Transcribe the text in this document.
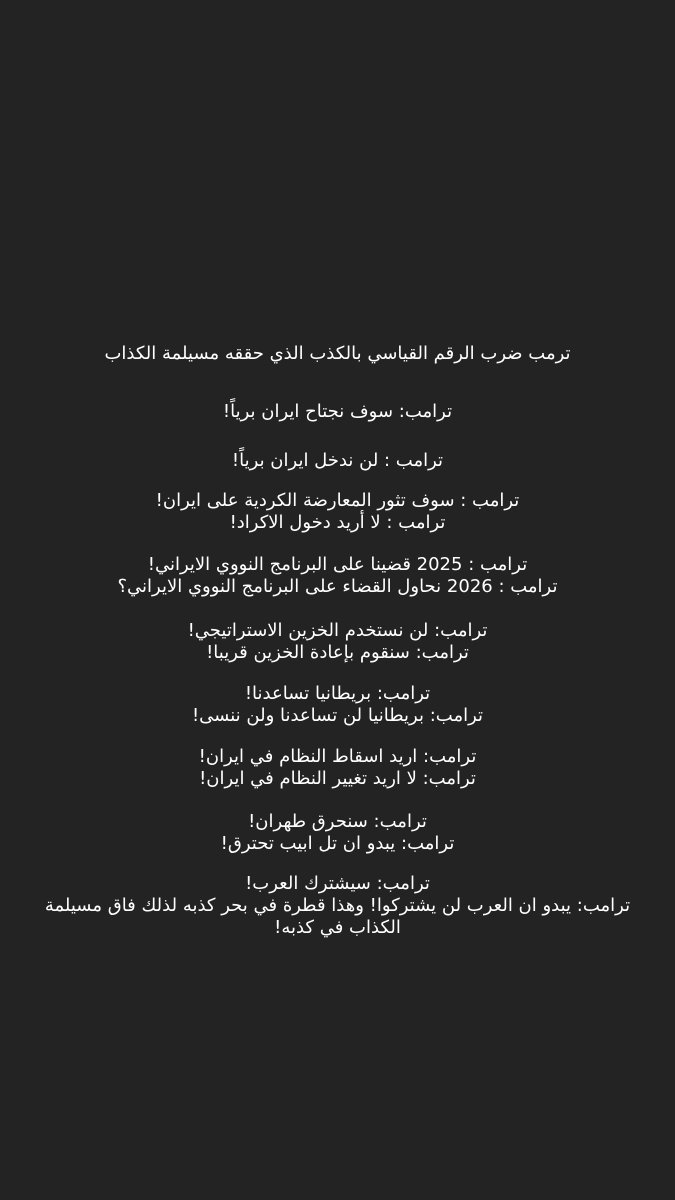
ترمب ضرب الرقم القياسي بالكذب الذي حققه مسيلمة الكذاب
ترامب: سوف نجتاح ايران برياً!
ترامب : لن ندخل ايران برياً!
ترامب : سوف تثور المعارضة الكردية على ايران!
ترامب : لا أريد دخول الاكراد!
ترامب : 2025 قضينا على البرنامج النووي الايراني!
ترامب : 2026 نحاول القضاء على البرنامج النووي الايراني؟
ترامب: لن نستخدم الخزين الاستراتيجي!
ترامب: سنقوم بإعادة الخزين قريبا!
ترامب: بريطانيا تساعدنا!
ترامب: بريطانيا لن تساعدنا ولن ننسى!
ترامب: اريد اسقاط النظام في ايران!
ترامب: لا اريد تغيير النظام في ايران!
ترامب: سنحرق طهران!
ترامب: يبدو ان تل ابيب تحترق!
ترامب: سيشترك العرب!
ترامب: يبدو ان العرب لن يشتركوا! وهذا قطرة في بحر كذبه لذلك فاق مسيلمة الكذاب في كذبه!
